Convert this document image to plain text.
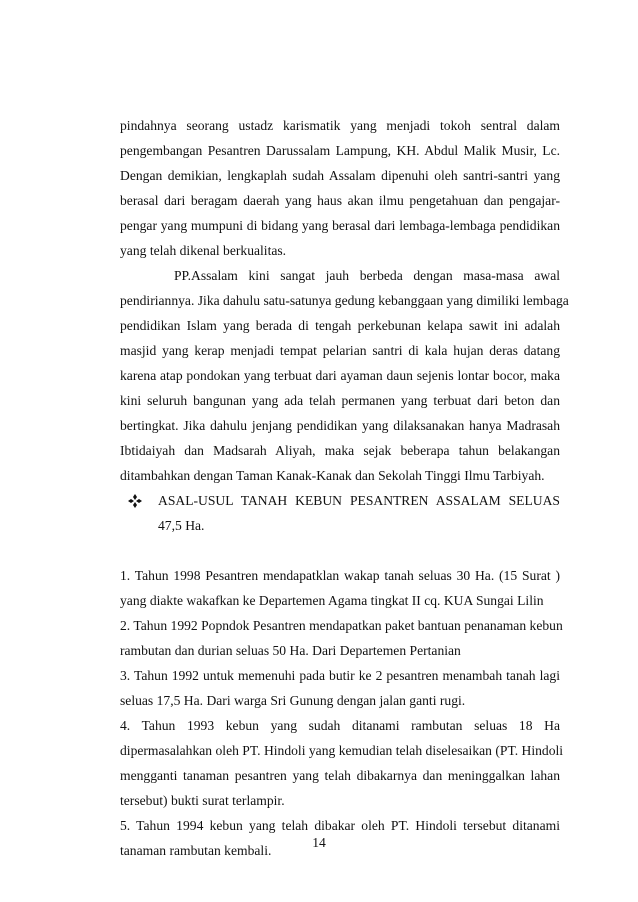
pindahnya seorang ustadz karismatik yang menjadi tokoh sentral dalam
pengembangan Pesantren Darussalam Lampung, KH. Abdul Malik Musir, Lc.
Dengan demikian, lengkaplah sudah Assalam dipenuhi oleh santri-santri yang
berasal dari beragam daerah yang haus akan ilmu pengetahuan dan pengajar-
pengar yang mumpuni di bidang yang berasal dari lembaga-lembaga pendidikan
yang telah dikenal berkualitas.
PP.Assalam kini sangat jauh berbeda dengan masa-masa awal
pendiriannya. Jika dahulu satu-satunya gedung kebanggaan yang dimiliki lembaga
pendidikan Islam yang berada di tengah perkebunan kelapa sawit ini adalah
masjid yang kerap menjadi tempat pelarian santri di kala hujan deras datang
karena atap pondokan yang terbuat dari ayaman daun sejenis lontar bocor, maka
kini seluruh bangunan yang ada telah permanen yang terbuat dari beton dan
bertingkat. Jika dahulu jenjang pendidikan yang dilaksanakan hanya Madrasah
Ibtidaiyah dan Madsarah Aliyah, maka sejak beberapa tahun belakangan
ditambahkan dengan Taman Kanak-Kanak dan Sekolah Tinggi Ilmu Tarbiyah.
ASAL-USUL TANAH KEBUN PESANTREN ASSALAM SELUAS
47,5 Ha.
1. Tahun 1998 Pesantren mendapatklan wakap tanah seluas 30 Ha. (15 Surat )
yang diakte wakafkan ke Departemen Agama tingkat II cq. KUA Sungai Lilin
2. Tahun 1992 Popndok Pesantren mendapatkan paket bantuan penanaman kebun
rambutan dan durian seluas 50 Ha. Dari Departemen Pertanian
3. Tahun 1992 untuk memenuhi pada butir ke 2 pesantren menambah tanah lagi
seluas 17,5 Ha. Dari warga Sri Gunung dengan jalan ganti rugi.
4. Tahun 1993 kebun yang sudah ditanami rambutan seluas 18 Ha
dipermasalahkan oleh PT. Hindoli yang kemudian telah diselesaikan (PT. Hindoli
mengganti tanaman pesantren yang telah dibakarnya dan meninggalkan lahan
tersebut) bukti surat terlampir.
5. Tahun 1994 kebun yang telah dibakar oleh PT. Hindoli tersebut ditanami
tanaman rambutan kembali.
14
